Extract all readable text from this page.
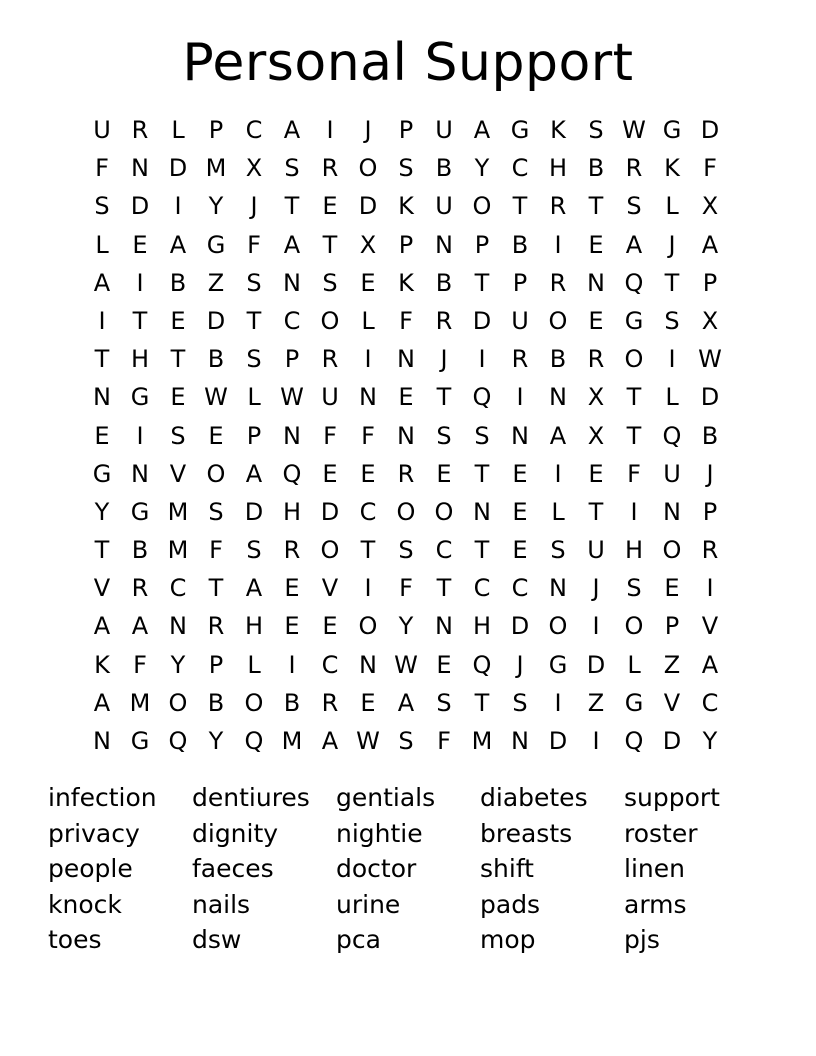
Personal Support
U R L	P C A	I	J	P U A G K S W G D
F N D M X S R O S B Y C H B R K F
S D	I	Y	J	T E D K U O T R T S L X
L E A G F A T X P N P B	I	E A	J	A
A	I	B Z S N S E K B T P R N Q T P
I	T E D T C O L	F R D U O E G S X
T H T B S P R	I	N	J	I	R B R O	I W
N G E W L W U N E T Q	I	N X T L D
E	I	S E P N F	F N S S N A X T Q B
G N V O A Q E E R E T E	I	E F U	J
Y G M S D H D C O O N E L T	I	N P
T B M F S R O T S C T E S U H O R
V R C T A E V	I	F T C C N	J	S E	I
A A N R H E E O Y N H D O	I	O P V
K F Y P	L	I	C N W E Q	J	G D L Z A
A M O B O B R E A S T S	I	Z G V C
N G Q Y Q M A W S F M N D	I	Q D Y
infection	dentiures	gentials	diabetes	support
privacy	dignity	nightie	breasts	roster
people	faeces	doctor	shift	linen
knock	nails	urine	pads	arms
toes	dsw	pca	mop	pjs
